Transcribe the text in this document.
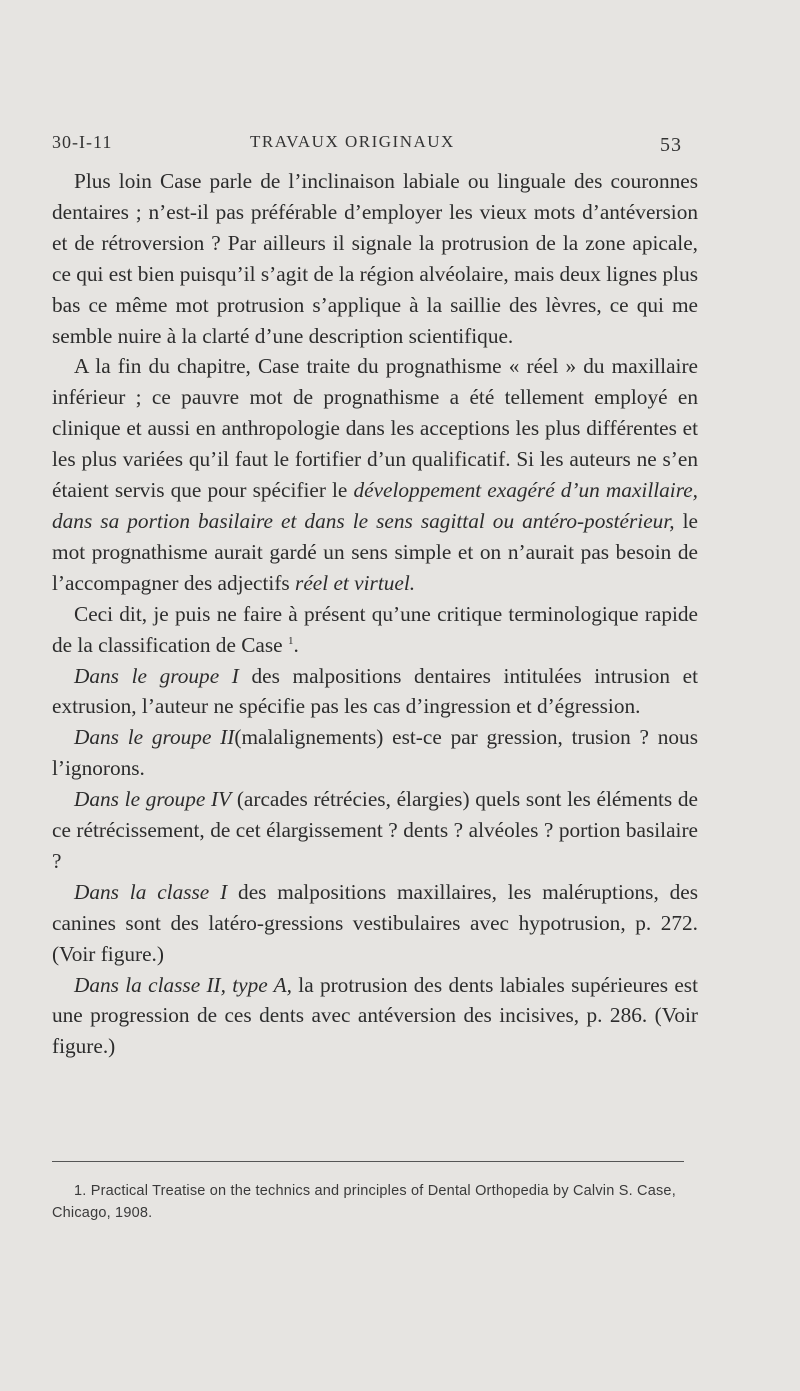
30-I-11	TRAVAUX ORIGINAUX	53

Plus loin Case parle de l’inclinaison labiale ou linguale des couronnes dentaires ; n’est-il pas préférable d’employer les vieux mots d’antéversion et de rétroversion ? Par ailleurs il signale la protrusion de la zone apicale, ce qui est bien puisqu’il s’agit de la région alvéolaire, mais deux lignes plus bas ce même mot protrusion s’applique à la saillie des lèvres, ce qui me semble nuire à la clarté d’une description scientifique.

A la fin du chapitre, Case traite du prognathisme « réel » du maxillaire inférieur ; ce pauvre mot de prognathisme a été tellement employé en clinique et aussi en anthropologie dans les acceptions les plus différentes et les plus variées qu’il faut le fortifier d’un qualificatif. Si les auteurs ne s’en étaient servis que pour spécifier le développement exagéré d’un maxillaire, dans sa portion basilaire et dans le sens sagittal ou antéro-postérieur, le mot prognathisme aurait gardé un sens simple et on n’aurait pas besoin de l’accompagner des adjectifs réel et virtuel.

Ceci dit, je puis ne faire à présent qu’une critique terminologique rapide de la classification de Case $^1$.

Dans le groupe I des malpositions dentaires intitulées intrusion et extrusion, l’auteur ne spécifie pas les cas d’ingression et d’égression.

Dans le groupe II(malalignements) est-ce par gression, trusion ? nous l’ignorons.

Dans le groupe IV (arcades rétrécies, élargies) quels sont les éléments de ce rétrécissement, de cet élargissement ? dents ? alvéoles ? portion basilaire ?

Dans la classe I des malpositions maxillaires, les maléruptions, des canines sont des latéro-gressions vestibulaires avec hypotrusion, p. 272. (Voir figure.)

Dans la classe II, type A, la protrusion des dents labiales supérieures est une progression de ces dents avec antéversion des incisives, p. 286. (Voir figure.)

1. Practical Treatise on the technics and principles of Dental Orthopedia by Calvin S. Case, Chicago, 1908.
